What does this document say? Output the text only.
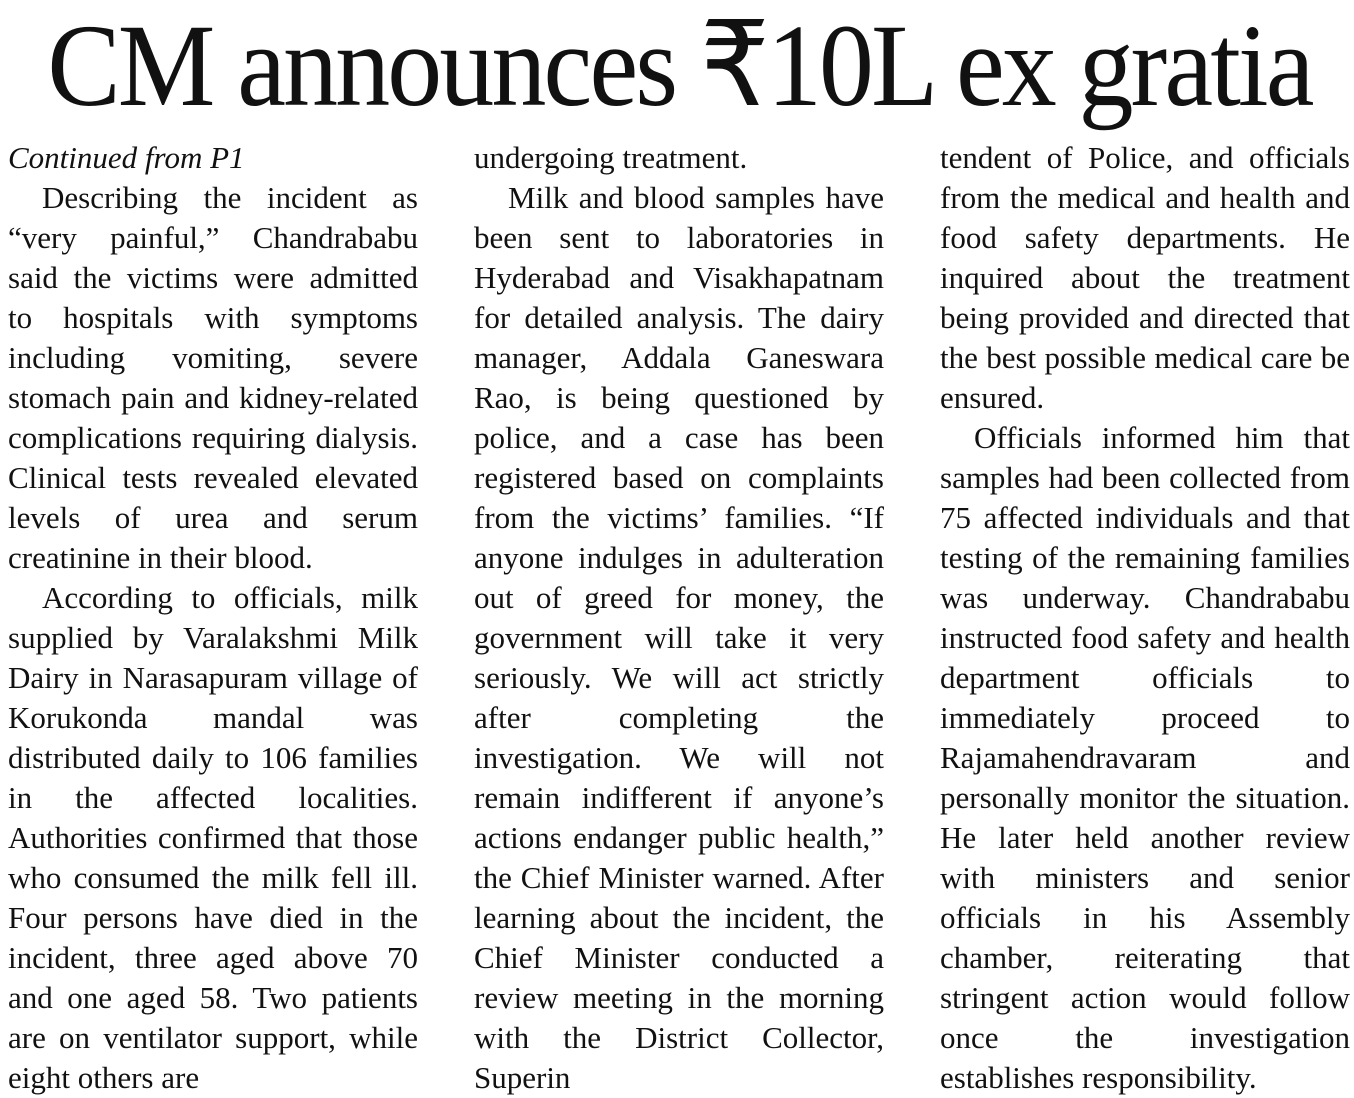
CM announces ₹10L ex gratia

Continued from P1

Describing the incident as “very painful,” Chandrababu said the victims were admitted to hospitals with symptoms including vomiting, severe stomach pain and kidney-related complications requiring dialysis. Clinical tests revealed elevated levels of urea and serum creatinine in their blood.

According to officials, milk supplied by Varalakshmi Milk Dairy in Narasapuram village of Korukonda mandal was distributed daily to 106 families in the affected localities. Authorities confirmed that those who consumed the milk fell ill. Four persons have died in the incident, three aged above 70 and one aged 58. Two patients are on ventilator support, while eight others are

undergoing treatment.

Milk and blood samples have been sent to laboratories in Hyderabad and Visakhapatnam for detailed analysis. The dairy manager, Addala Ganeswara Rao, is being questioned by police, and a case has been registered based on complaints from the victims’ families. “If anyone indulges in adulteration out of greed for money, the government will take it very seriously. We will act strictly after completing the investigation. We will not remain indifferent if anyone’s actions endanger public health,” the Chief Minister warned. After learning about the incident, the Chief Minister conducted a review meeting in the morning with the District Collector, Superin

tendent of Police, and officials from the medical and health and food safety departments. He inquired about the treatment being provided and directed that the best possible medical care be ensured.

Officials informed him that samples had been collected from 75 affected individuals and that testing of the remaining families was underway. Chandrababu instructed food safety and health department officials to immediately proceed to Rajamahendravaram and personally monitor the situation. He later held another review with ministers and senior officials in his Assembly chamber, reiterating that stringent action would follow once the investigation establishes responsibility.
